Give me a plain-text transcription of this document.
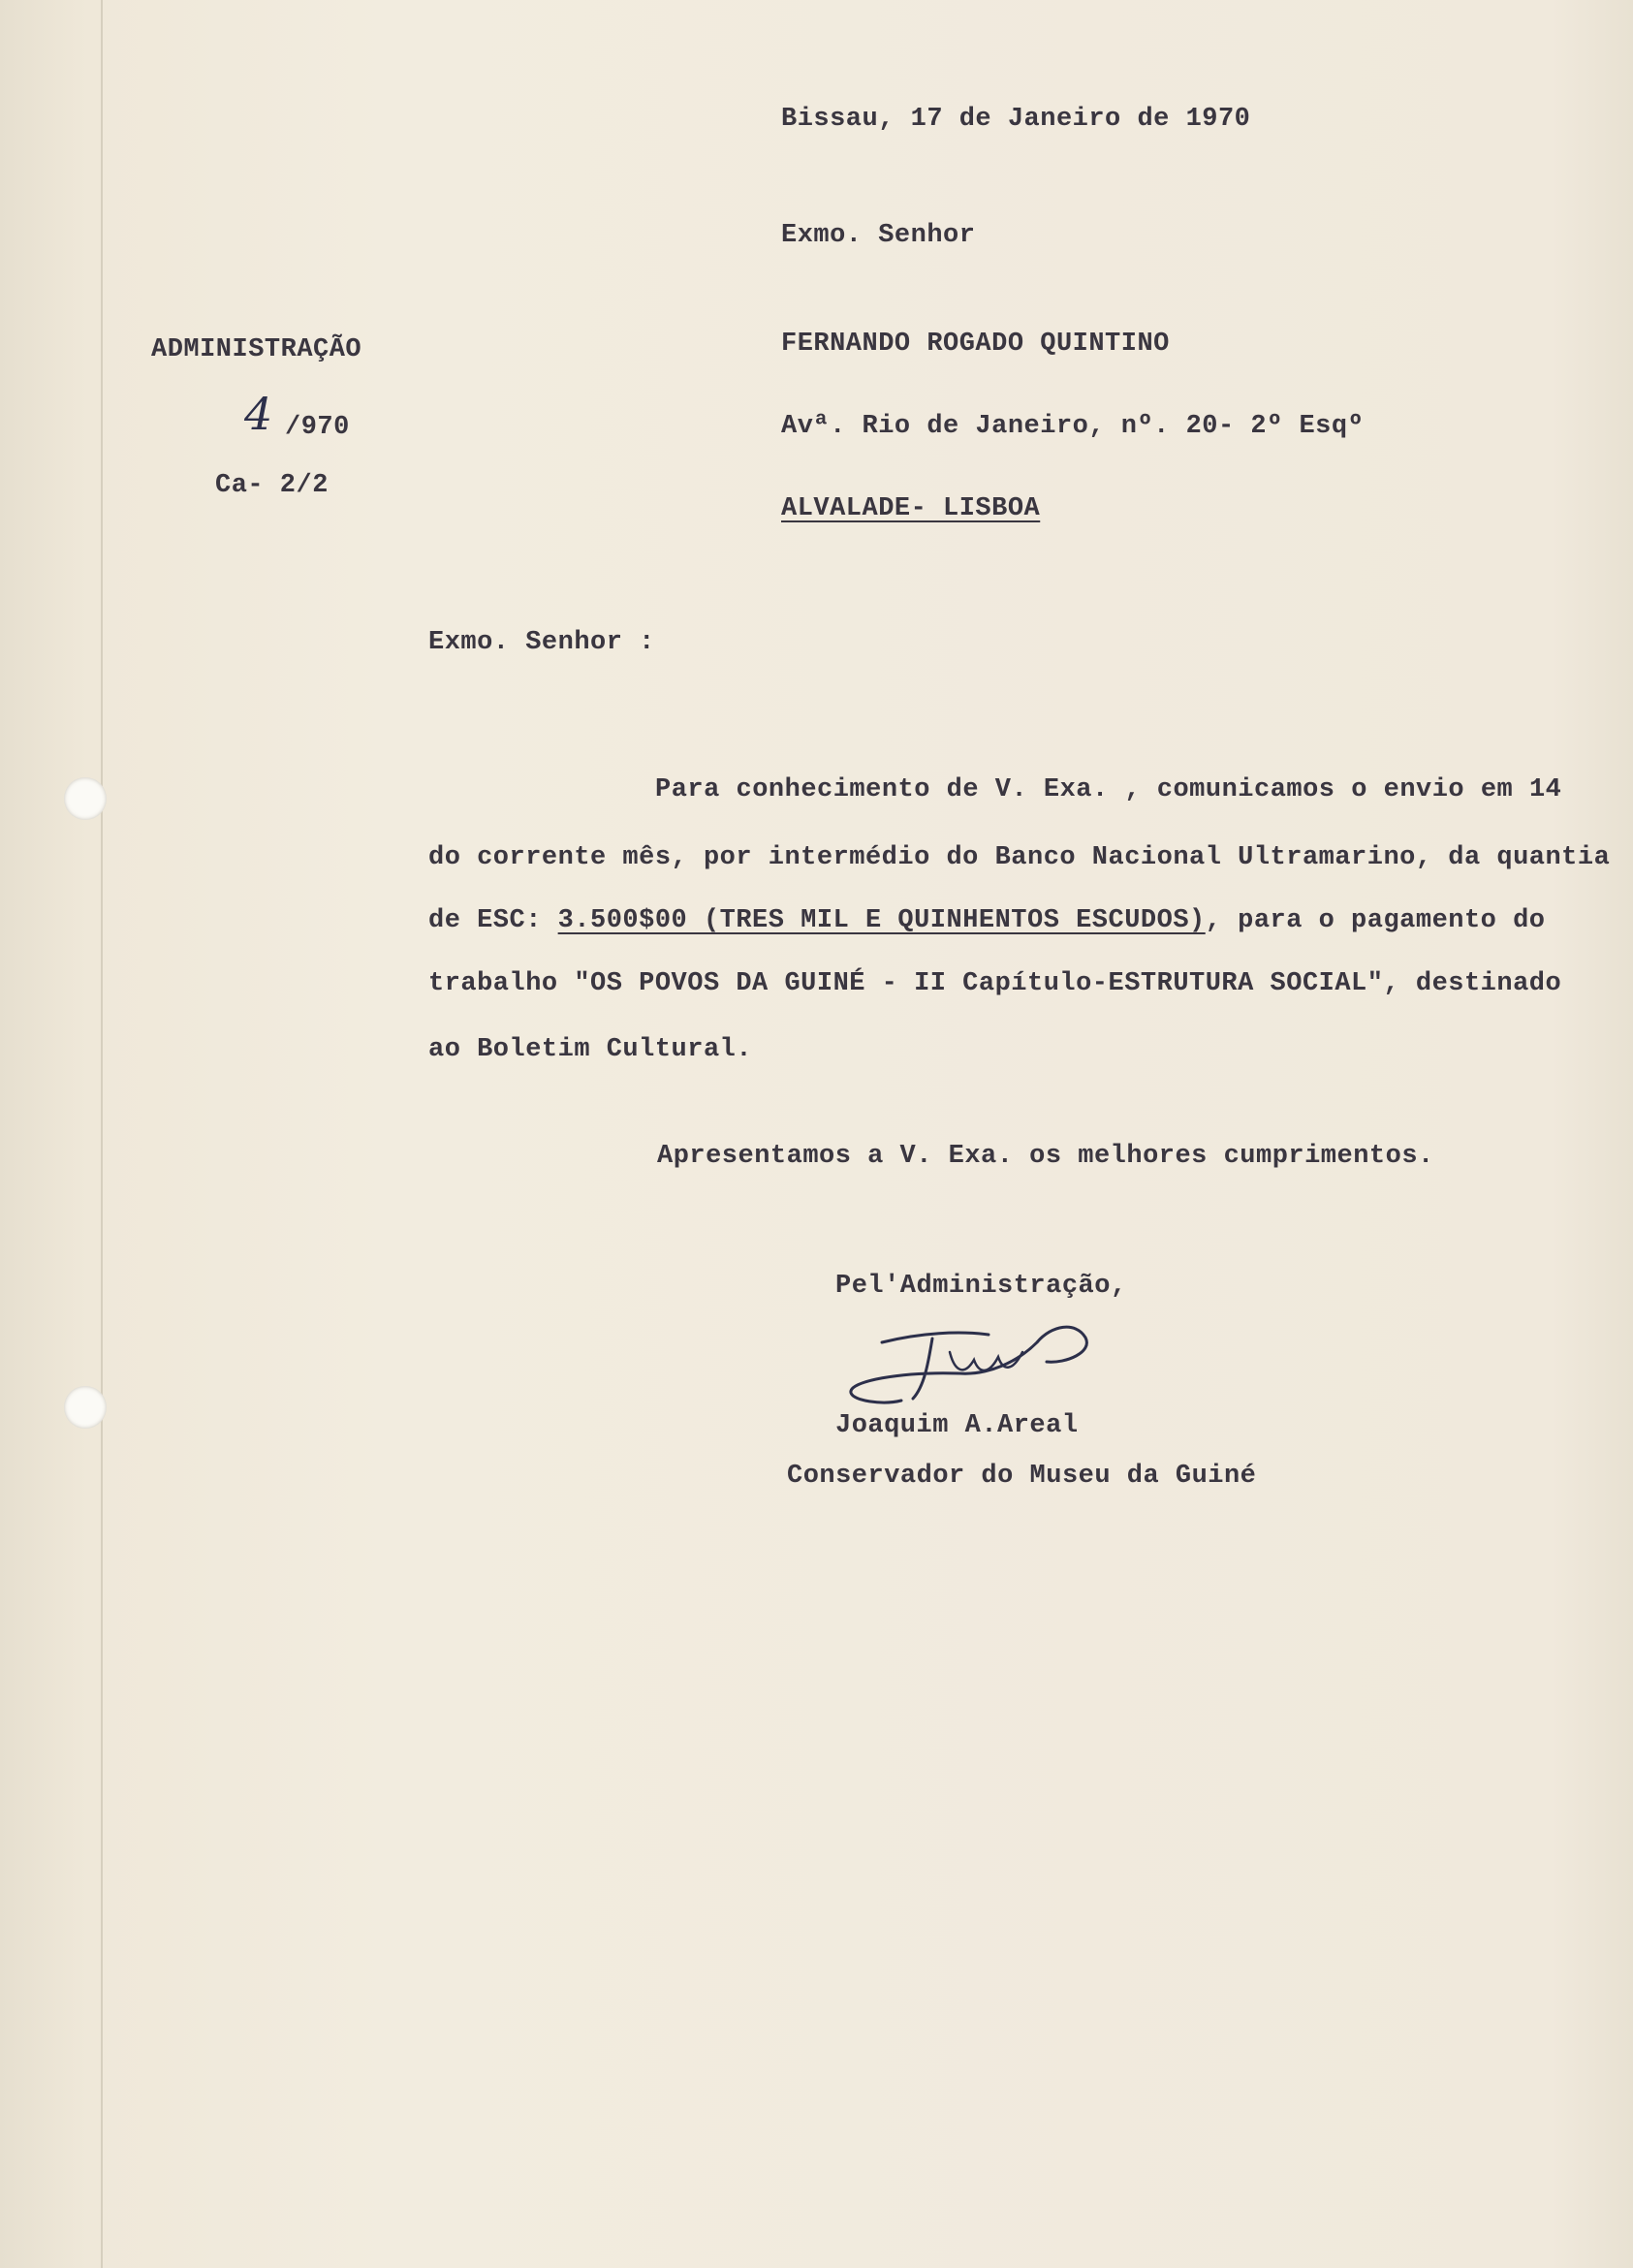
Bissau, 17 de Janeiro de 1970
Exmo. Senhor
FERNANDO ROGADO QUINTINO
Avª. Rio de Janeiro, nº. 20- 2º Esqº
ALVALADE- LISBOA
ADMINISTRAÇÃO
4 /970
Ca- 2/2
Exmo. Senhor :
Para conhecimento de V. Exa. , comunicamos o envio em 14
do corrente mês, por intermédio do Banco Nacional Ultramarino, da quantia
de ESC: 3.500$00 (TRES MIL E QUINHENTOS ESCUDOS), para o pagamento do
trabalho "OS POVOS DA GUINÉ - II Capítulo-ESTRUTURA SOCIAL", destinado
ao Boletim Cultural.
Apresentamos a V. Exa. os melhores cumprimentos.
Pel'Administração,
Joaquim A.Areal
Conservador do Museu da Guiné
